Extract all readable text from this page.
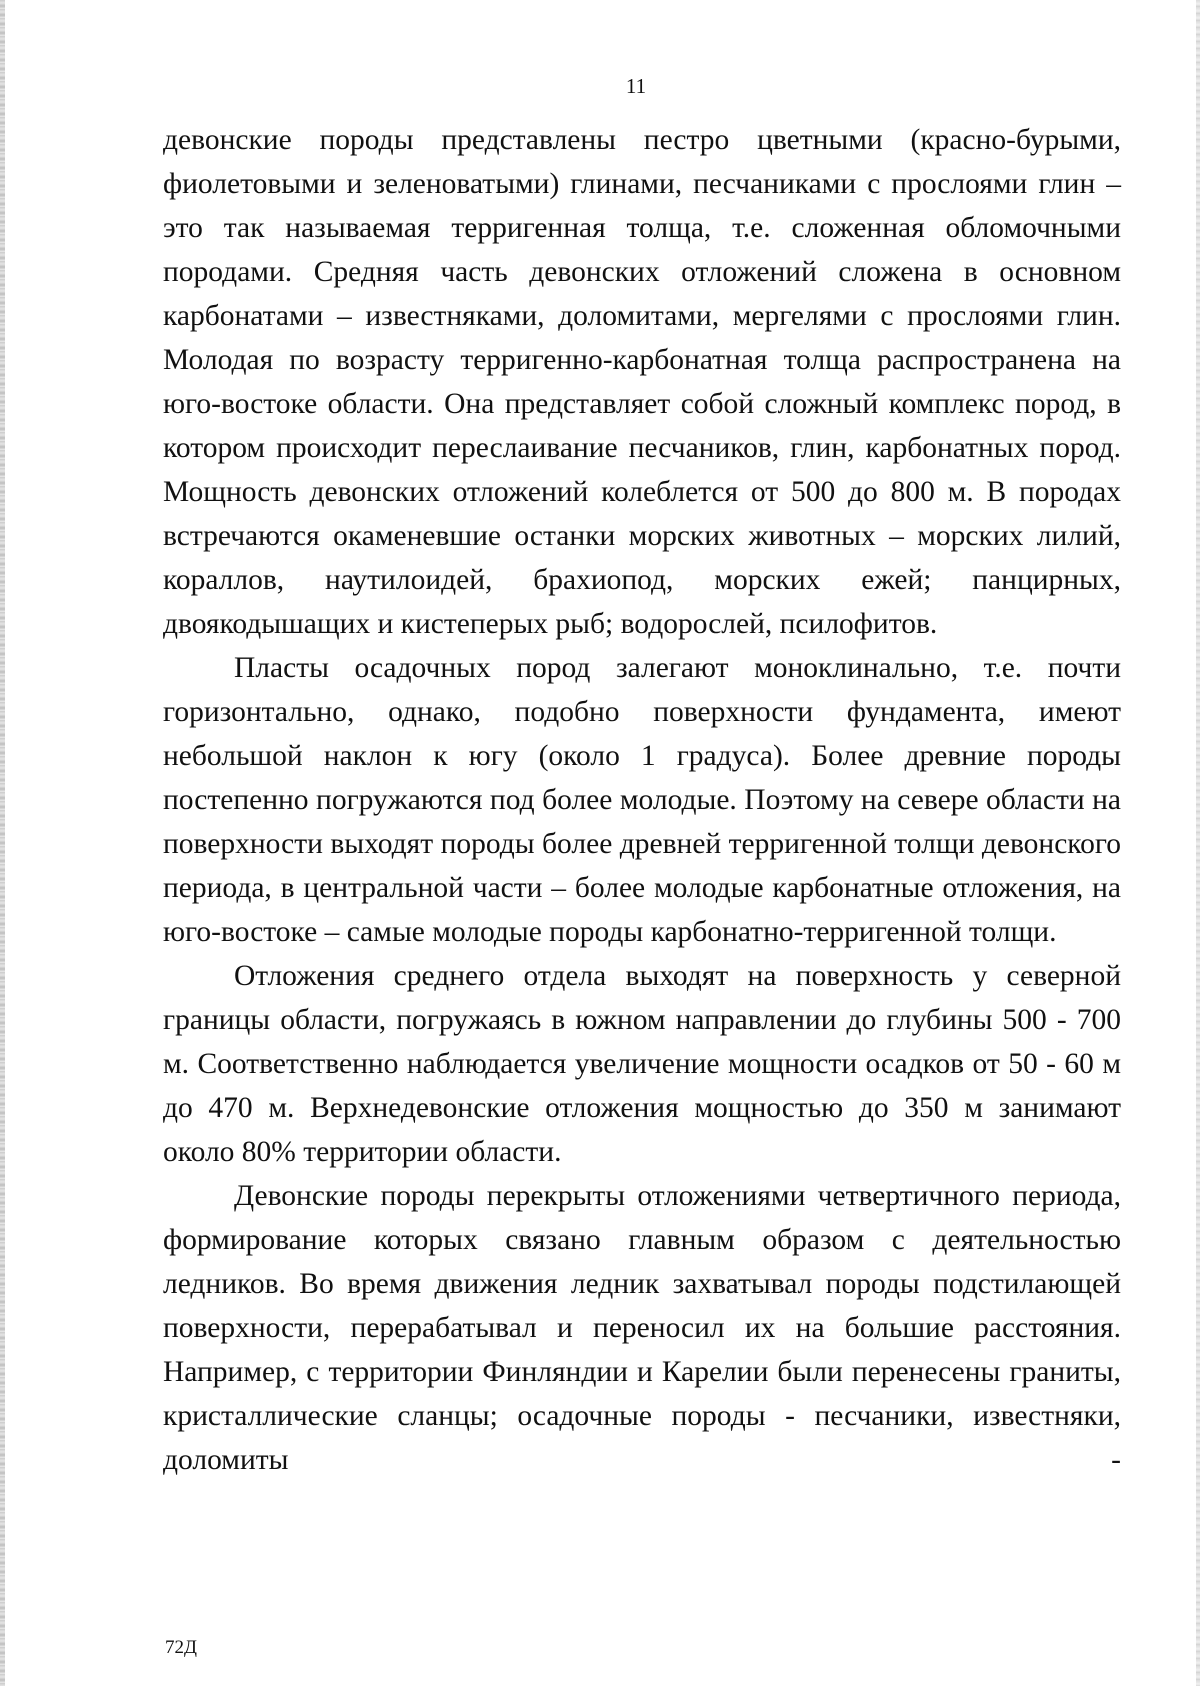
11

девонские породы представлены пестро цветными (красно-бурыми, фиолетовыми и зеленоватыми) глинами, песчаниками с прослоями глин – это так называемая терригенная толща, т.е. сложенная обломочными породами. Средняя часть девонских отложений сложена в основном карбонатами – известняками, доломитами, мергелями с прослоями глин. Молодая по возрасту терригенно-карбонатная толща распространена на юго-востоке области. Она представляет собой сложный комплекс пород, в котором происходит переслаивание песчаников, глин, карбонатных пород. Мощность девонских отложений колеблется от 500 до 800 м. В породах встречаются окаменевшие останки морских животных – морских лилий, кораллов, наутилоидей, брахиопод, морских ежей; панцирных, двоякодышащих и кистеперых рыб; водорослей, псилофитов.

Пласты осадочных пород залегают моноклинально, т.е. почти горизонтально, однако, подобно поверхности фундамента, имеют небольшой наклон к югу (около 1 градуса). Более древние породы постепенно погружаются под более молодые. Поэтому на севере области на поверхности выходят породы более древней терригенной толщи девонского периода, в центральной части – более молодые карбонатные отложения, на юго-востоке – самые молодые породы карбонатно-терригенной толщи.

Отложения среднего отдела выходят на поверхность у северной границы области, погружаясь в южном направлении до глубины 500 - 700 м. Соответственно наблюдается увеличение мощности осадков от 50 - 60 м до 470 м. Верхнедевонские отложения мощностью до 350 м занимают около 80% территории области.

Девонские породы перекрыты отложениями четвертичного периода, формирование которых связано главным образом с деятельностью ледников. Во время движения ледник захватывал породы подстилающей поверхности, перерабатывал и переносил их на большие расстояния. Например, с территории Финляндии и Карелии были перенесены граниты, кристаллические сланцы; осадочные породы - песчаники, известняки, доломиты -

72Д
